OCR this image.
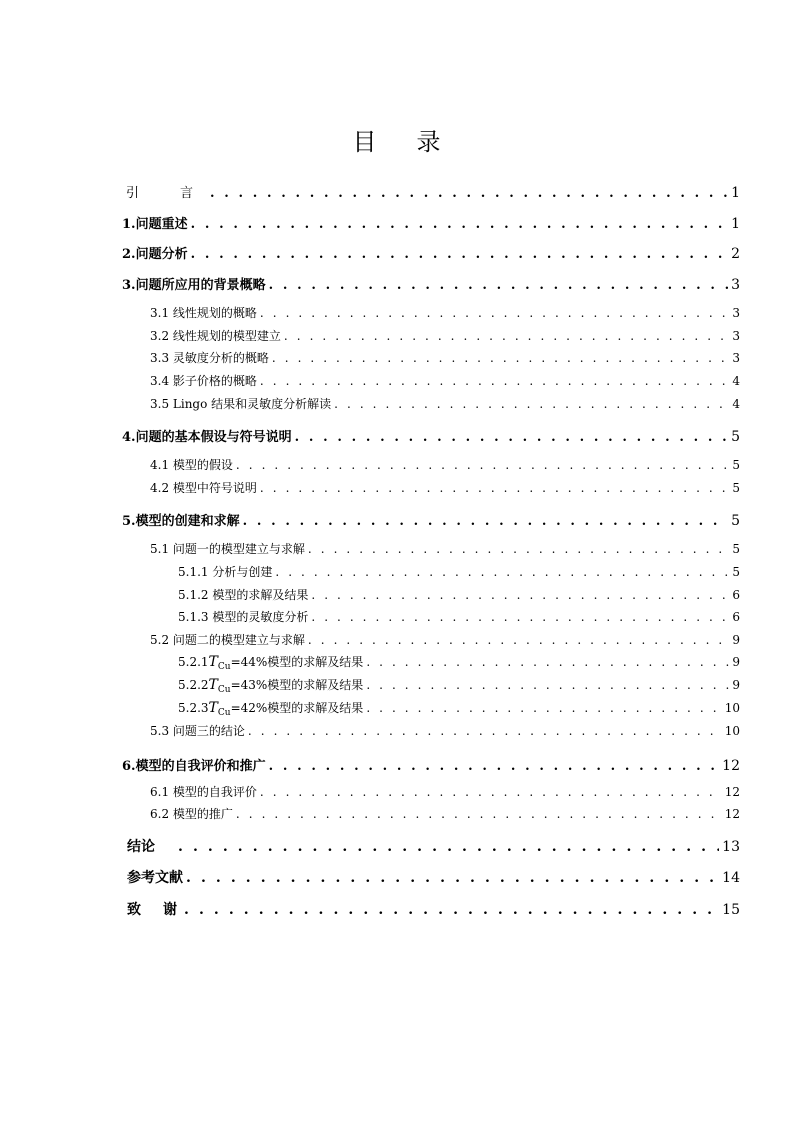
目录
引　言 . . .	1
1.问题重述 . . .	1
2.问题分析 . . .	2
3.问题所应用的背景概略 . . .	3
3.1 线性规划的概略 . . .	3
3.2 线性规划的模型建立 . . .	3
3.3 灵敏度分析的概略 . . .	3
3.4 影子价格的概略 . . .	4
3.5 Lingo 结果和灵敏度分析解读 . . .	4
4.问题的基本假设与符号说明 . . .	5
4.1 模型的假设 . . .	5
4.2 模型中符号说明 . . .	5
5.模型的创建和求解 . . .	5
5.1 问题一的模型建立与求解 . . .	5
5.1.1 分析与创建 . . .	5
5.1.2 模型的求解及结果 . . .	6
5.1.3 模型的灵敏度分析 . . .	6
5.2 问题二的模型建立与求解 . . .	9
$5.2.1T_{Cu}=44\%$模型的求解及结果 . . .	9
$5.2.2T_{Cu}=43\%$模型的求解及结果 . . .	9
$5.2.3T_{Cu}=42\%$模型的求解及结果 . . .	10
5.3 问题三的结论 . . .	10
6.模型的自我评价和推广 . . .	12
6.1 模型的自我评价 . . .	12
6.2 模型的推广 . . .	12
结论 . . .	13
参考文献 . . .	14
致　谢 . . .	15
